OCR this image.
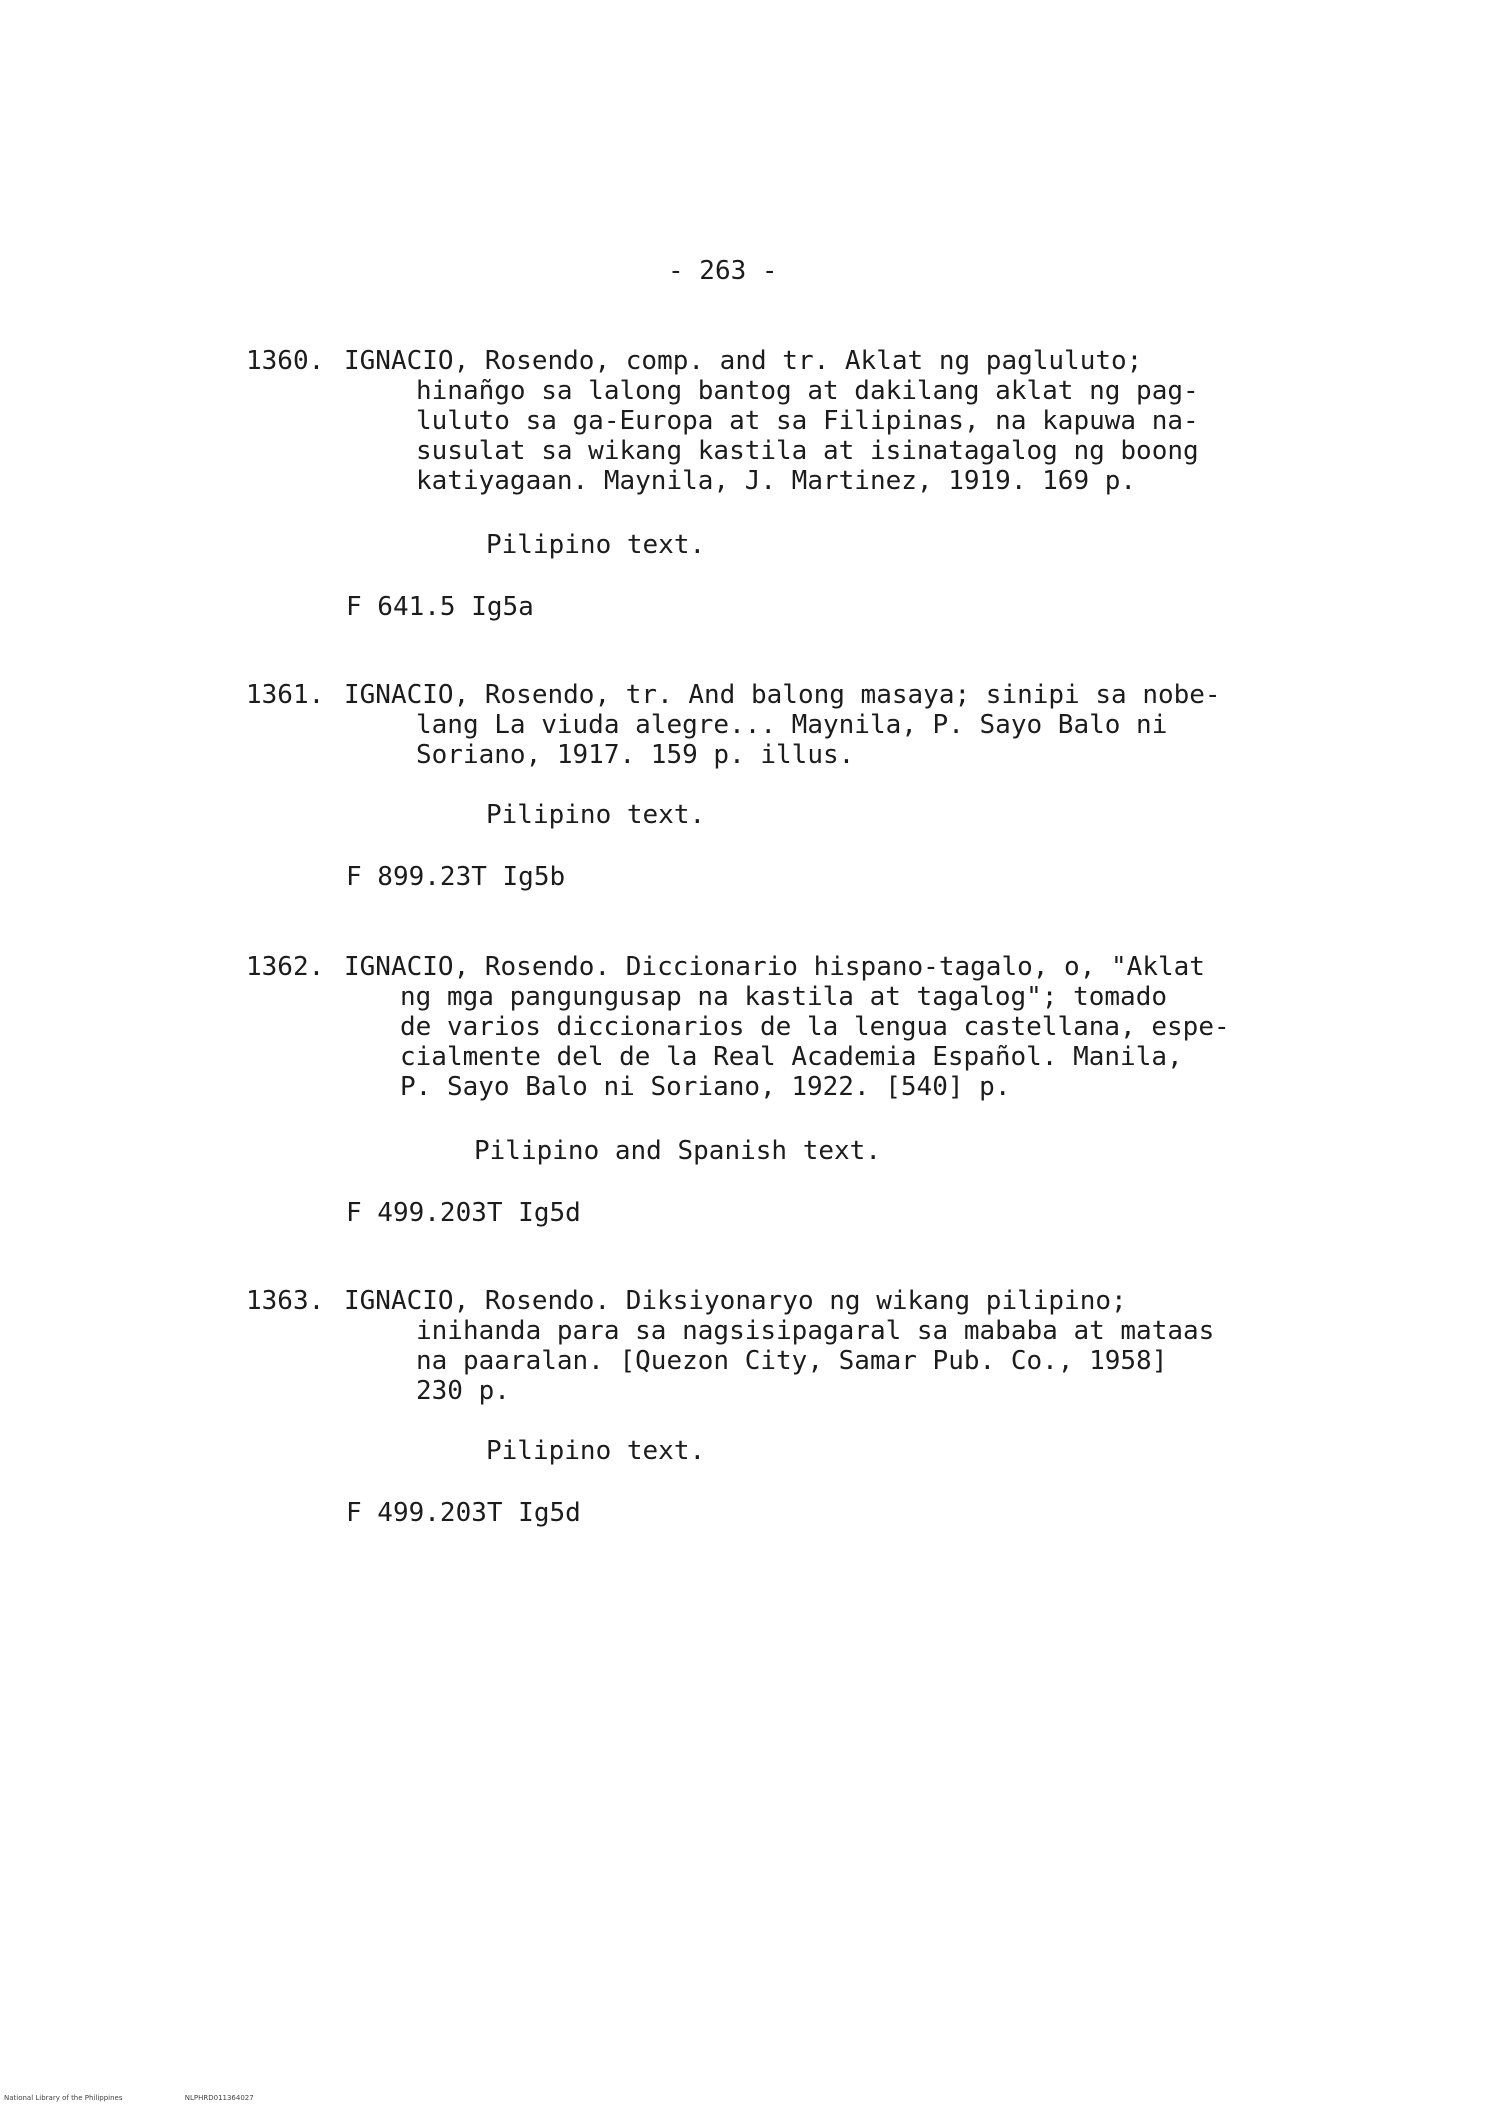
- 263 -
1360. IGNACIO, Rosendo, comp. and tr. Aklat ng pagluluto;
hinañgo sa lalong bantog at dakilang aklat ng pag-
luluto sa ga-Europa at sa Filipinas, na kapuwa na-
susulat sa wikang kastila at isinatagalog ng boong
katiyagaan. Maynila, J. Martinez, 1919. 169 p.
Pilipino text.
F 641.5 Ig5a
1361. IGNACIO, Rosendo, tr. And balong masaya; sinipi sa nobe-
lang La viuda alegre... Maynila, P. Sayo Balo ni
Soriano, 1917. 159 p. illus.
Pilipino text.
F 899.23T Ig5b
1362. IGNACIO, Rosendo. Diccionario hispano-tagalo, o, "Aklat
ng mga pangungusap na kastila at tagalog"; tomado
de varios diccionarios de la lengua castellana, espe-
cialmente del de la Real Academia Español. Manila,
P. Sayo Balo ni Soriano, 1922. [540] p.
Pilipino and Spanish text.
F 499.203T Ig5d
1363. IGNACIO, Rosendo. Diksiyonaryo ng wikang pilipino;
inihanda para sa nagsisipagaral sa mababa at mataas
na paaralan. [Quezon City, Samar Pub. Co., 1958]
230 p.
Pilipino text.
F 499.203T Ig5d
National Library of the Philippines	NLPHRD011364027
